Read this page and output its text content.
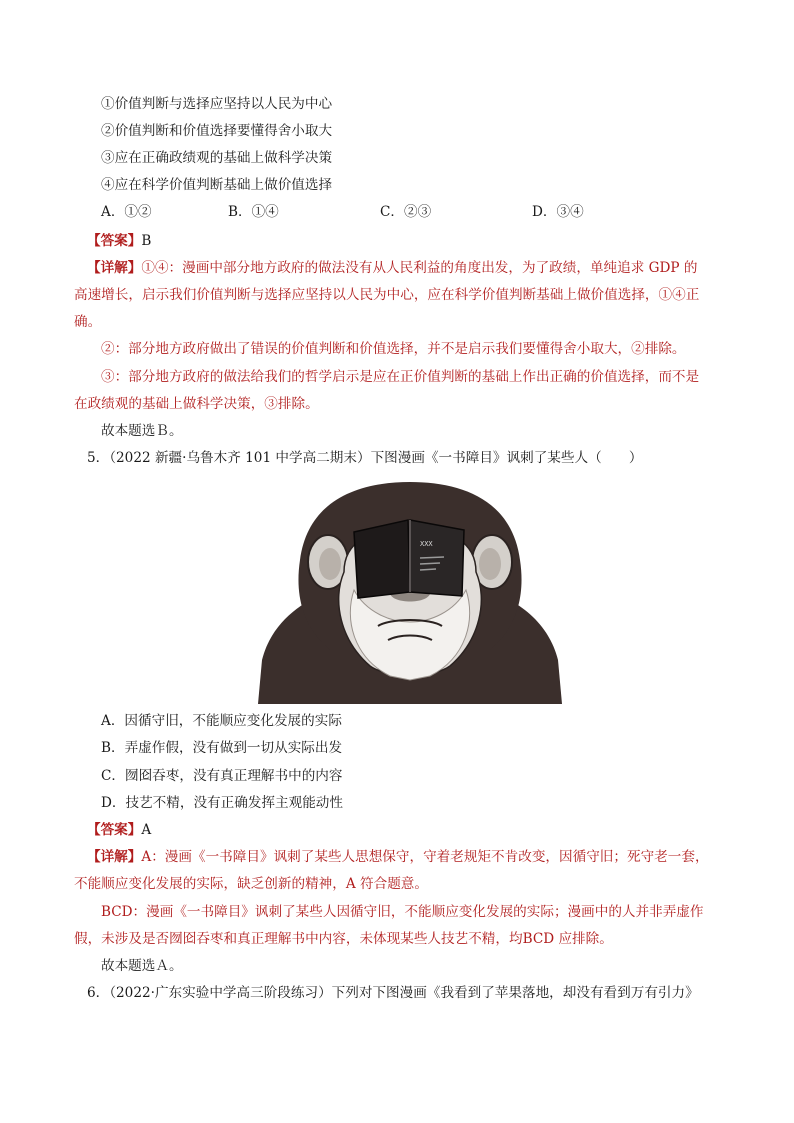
①价值判断与选择应坚持以人民为中心
②价值判断和价值选择要懂得舍小取大
③应在正确政绩观的基础上做科学决策
④应在科学价值判断基础上做价值选择
A．①②	B．①④	C．②③	D．③④
【答案】B
【详解】①④：漫画中部分地方政府的做法没有从人民利益的角度出发，为了政绩，单纯追求 GDP 的
高速增长，启示我们价值判断与选择应坚持以人民为中心，应在科学价值判断基础上做价值选择，①④正
确。
②：部分地方政府做出了错误的价值判断和价值选择，并不是启示我们要懂得舍小取大，②排除。
③：部分地方政府的做法给我们的哲学启示是应在正价值判断的基础上作出正确的价值选择，而不是
在政绩观的基础上做科学决策，③排除。
故本题选Ｂ。
5．（2022 新疆·乌鲁木齐 101 中学高二期末）下图漫画《一书障目》讽刺了某些人（　　）
XXX
A．因循守旧，不能顺应变化发展的实际
B．弄虚作假，没有做到一切从实际出发
C．囫囵吞枣，没有真正理解书中的内容
D．技艺不精，没有正确发挥主观能动性
【答案】A
【详解】A：漫画《一书障目》讽刺了某些人思想保守，守着老规矩不肯改变，因循守旧；死守老一套，
不能顺应变化发展的实际，缺乏创新的精神，A 符合题意。
BCD：漫画《一书障目》讽刺了某些人因循守旧，不能顺应变化发展的实际；漫画中的人并非弄虚作
假，未涉及是否囫囵吞枣和真正理解书中内容，未体现某些人技艺不精，均BCD 应排除。
故本题选Ａ。
6．（2022·广东实验中学高三阶段练习）下列对下图漫画《我看到了苹果落地，却没有看到万有引力》
